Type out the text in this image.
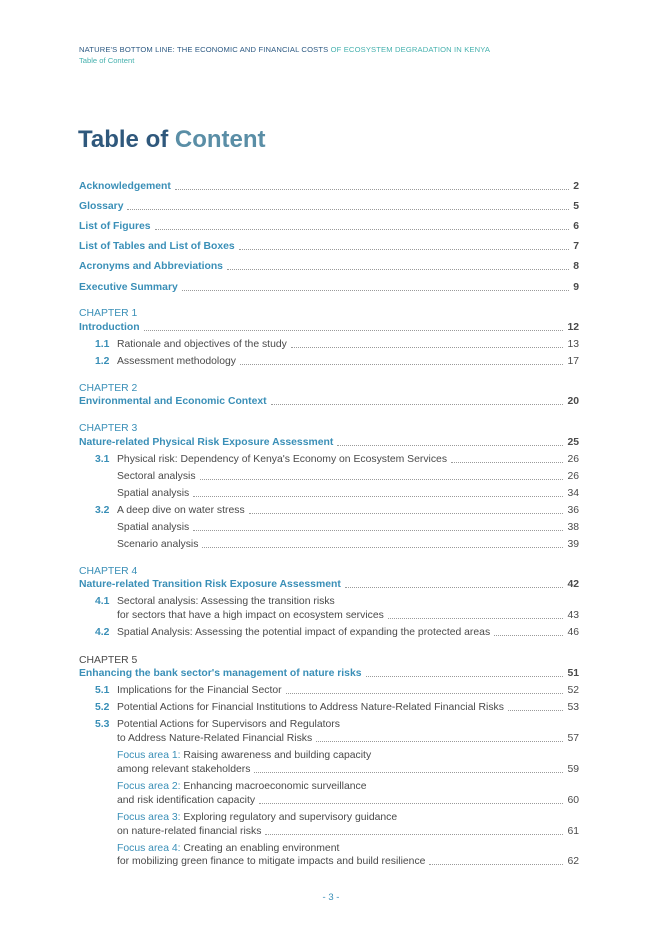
NATURE'S BOTTOM LINE: THE ECONOMIC AND FINANCIAL COSTS OF ECOSYSTEM DEGRADATION IN KENYA
Table of Content
Table of Content
Acknowledgement	2
Glossary	5
List of Figures	6
List of Tables and List of Boxes	7
Acronyms and Abbreviations	8
Executive Summary	9
CHAPTER 1
Introduction	12
1.1 Rationale and objectives of the study	13
1.2 Assessment methodology	17
CHAPTER 2
Environmental and Economic Context	20
CHAPTER 3
Nature-related Physical Risk Exposure Assessment	25
3.1 Physical risk: Dependency of Kenya's Economy on Ecosystem Services	26
Sectoral analysis	26
Spatial analysis	34
3.2 A deep dive on water stress	36
Spatial analysis	38
Scenario analysis	39
CHAPTER 4
Nature-related Transition Risk Exposure Assessment	42
4.1 Sectoral analysis: Assessing the transition risks
for sectors that have a high impact on ecosystem services	43
4.2 Spatial Analysis: Assessing the potential impact of expanding the protected areas	46
CHAPTER 5
Enhancing the bank sector's management of nature risks	51
5.1 Implications for the Financial Sector	52
5.2 Potential Actions for Financial Institutions to Address Nature-Related Financial Risks	53
5.3 Potential Actions for Supervisors and Regulators
to Address Nature-Related Financial Risks	57
Focus area 1: Raising awareness and building capacity
among relevant stakeholders	59
Focus area 2: Enhancing macroeconomic surveillance
and risk identification capacity	60
Focus area 3: Exploring regulatory and supervisory guidance
on nature-related financial risks	61
Focus area 4: Creating an enabling environment
for mobilizing green finance to mitigate impacts and build resilience	62
- 3 -
